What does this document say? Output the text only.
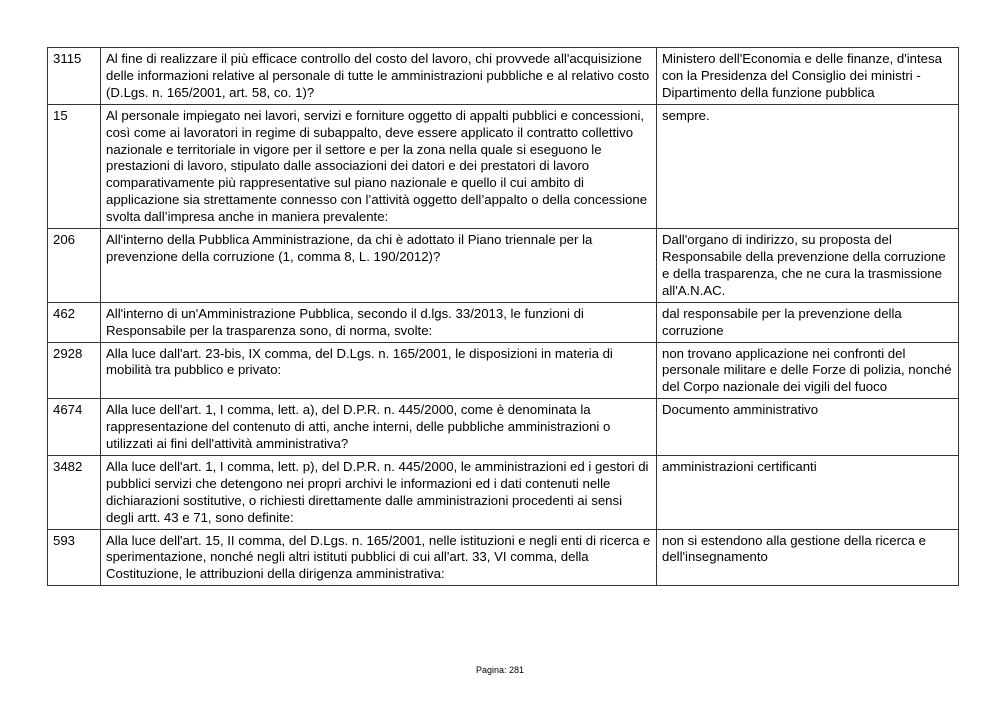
3115	Al fine di realizzare il più efficace controllo del costo del lavoro, chi provvede all'acquisizione delle informazioni relative al personale di tutte le amministrazioni pubbliche e al relativo costo (D.Lgs. n. 165/2001, art. 58, co. 1)?	Ministero dell'Economia e delle finanze, d'intesa con la Presidenza del Consiglio dei ministri - Dipartimento della funzione pubblica
15	Al personale impiegato nei lavori, servizi e forniture oggetto di appalti pubblici e concessioni, così come ai lavoratori in regime di subappalto, deve essere applicato il contratto collettivo nazionale e territoriale in vigore per il settore e per la zona nella quale si eseguono le prestazioni di lavoro, stipulato dalle associazioni dei datori e dei prestatori di lavoro comparativamente più rappresentative sul piano nazionale e quello il cui ambito di applicazione sia strettamente connesso con l’attività oggetto dell’appalto o della concessione svolta dall’impresa anche in maniera prevalente:	sempre.
206	All'interno della Pubblica Amministrazione, da chi è adottato il Piano triennale per la prevenzione della corruzione (1, comma 8, L. 190/2012)?	Dall'organo di indirizzo, su proposta del Responsabile della prevenzione della corruzione e della trasparenza, che ne cura la trasmissione all'A.N.AC.
462	All'interno di un'Amministrazione Pubblica, secondo il d.lgs. 33/2013, le funzioni di Responsabile per la trasparenza sono, di norma, svolte:	dal responsabile per la prevenzione della corruzione
2928	Alla luce dall'art. 23-bis, IX comma, del D.Lgs. n. 165/2001, le disposizioni in materia di mobilità tra pubblico e privato:	non trovano applicazione nei confronti del personale militare e delle Forze di polizia, nonché del Corpo nazionale dei vigili del fuoco
4674	Alla luce dell'art. 1, I comma, lett. a), del D.P.R. n. 445/2000, come è denominata la rappresentazione del contenuto di atti, anche interni, delle pubbliche amministrazioni o utilizzati ai fini dell'attività amministrativa?	Documento amministrativo
3482	Alla luce dell'art. 1, I comma, lett. p), del D.P.R. n. 445/2000, le amministrazioni ed i gestori di pubblici servizi che detengono nei propri archivi le informazioni ed i dati contenuti nelle dichiarazioni sostitutive, o richiesti direttamente dalle amministrazioni procedenti ai sensi degli artt. 43 e 71, sono definite:	amministrazioni certificanti
593	Alla luce dell'art. 15, II comma, del D.Lgs. n. 165/2001, nelle istituzioni e negli enti di ricerca e sperimentazione, nonché negli altri istituti pubblici di cui all'art. 33, VI comma, della Costituzione, le attribuzioni della dirigenza amministrativa:	non si estendono alla gestione della ricerca e dell'insegnamento
Pagina: 281
